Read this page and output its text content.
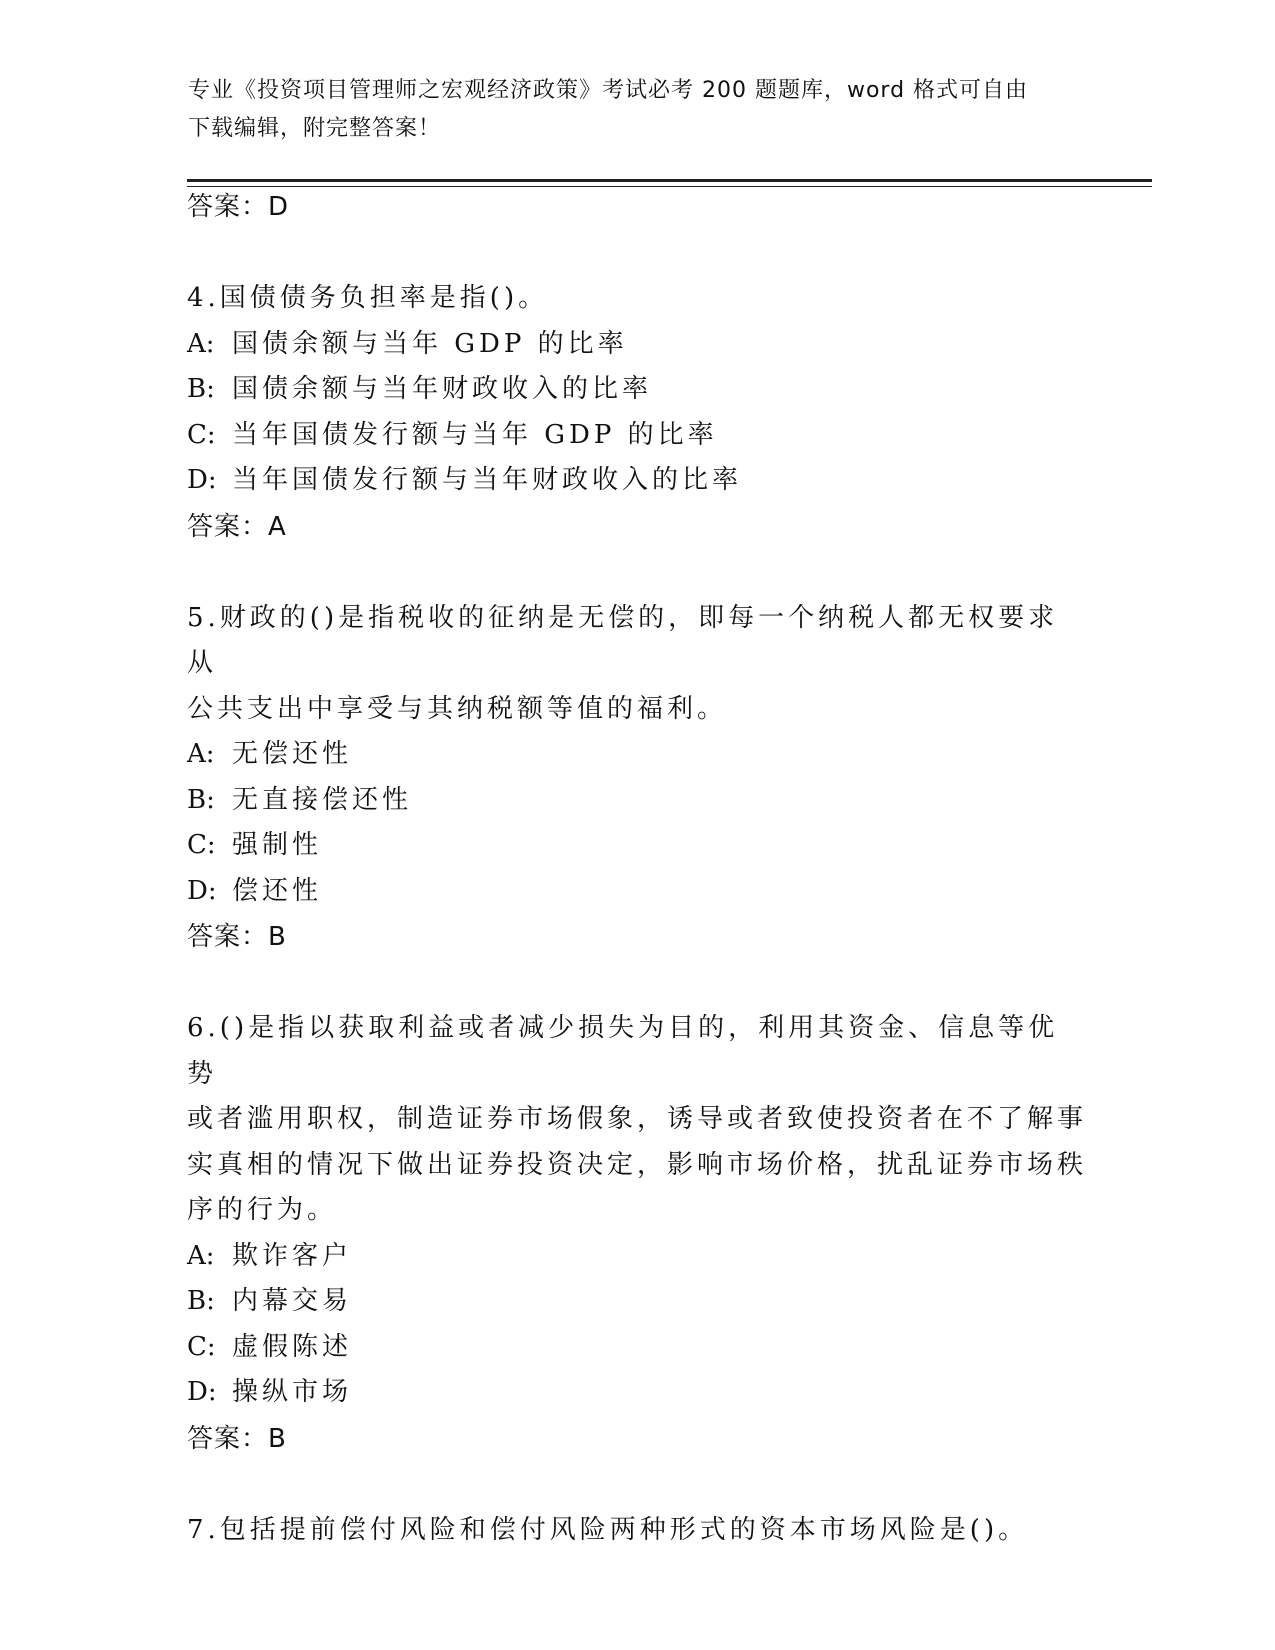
专业《投资项目管理师之宏观经济政策》考试必考 200 题题库，word 格式可自由
下载编辑，附完整答案！
答案：D
4.国债债务负担率是指()。
A: 国债余额与当年 GDP 的比率
B: 国债余额与当年财政收入的比率
C: 当年国债发行额与当年 GDP 的比率
D: 当年国债发行额与当年财政收入的比率
答案：A
5.财政的()是指税收的征纳是无偿的，即每一个纳税人都无权要求从
公共支出中享受与其纳税额等值的福利。
A: 无偿还性
B: 无直接偿还性
C: 强制性
D: 偿还性
答案：B
6.()是指以获取利益或者减少损失为目的，利用其资金、信息等优势
或者滥用职权，制造证券市场假象，诱导或者致使投资者在不了解事
实真相的情况下做出证券投资决定，影响市场价格，扰乱证券市场秩
序的行为。
A: 欺诈客户
B: 内幕交易
C: 虚假陈述
D: 操纵市场
答案：B
7.包括提前偿付风险和偿付风险两种形式的资本市场风险是()。
